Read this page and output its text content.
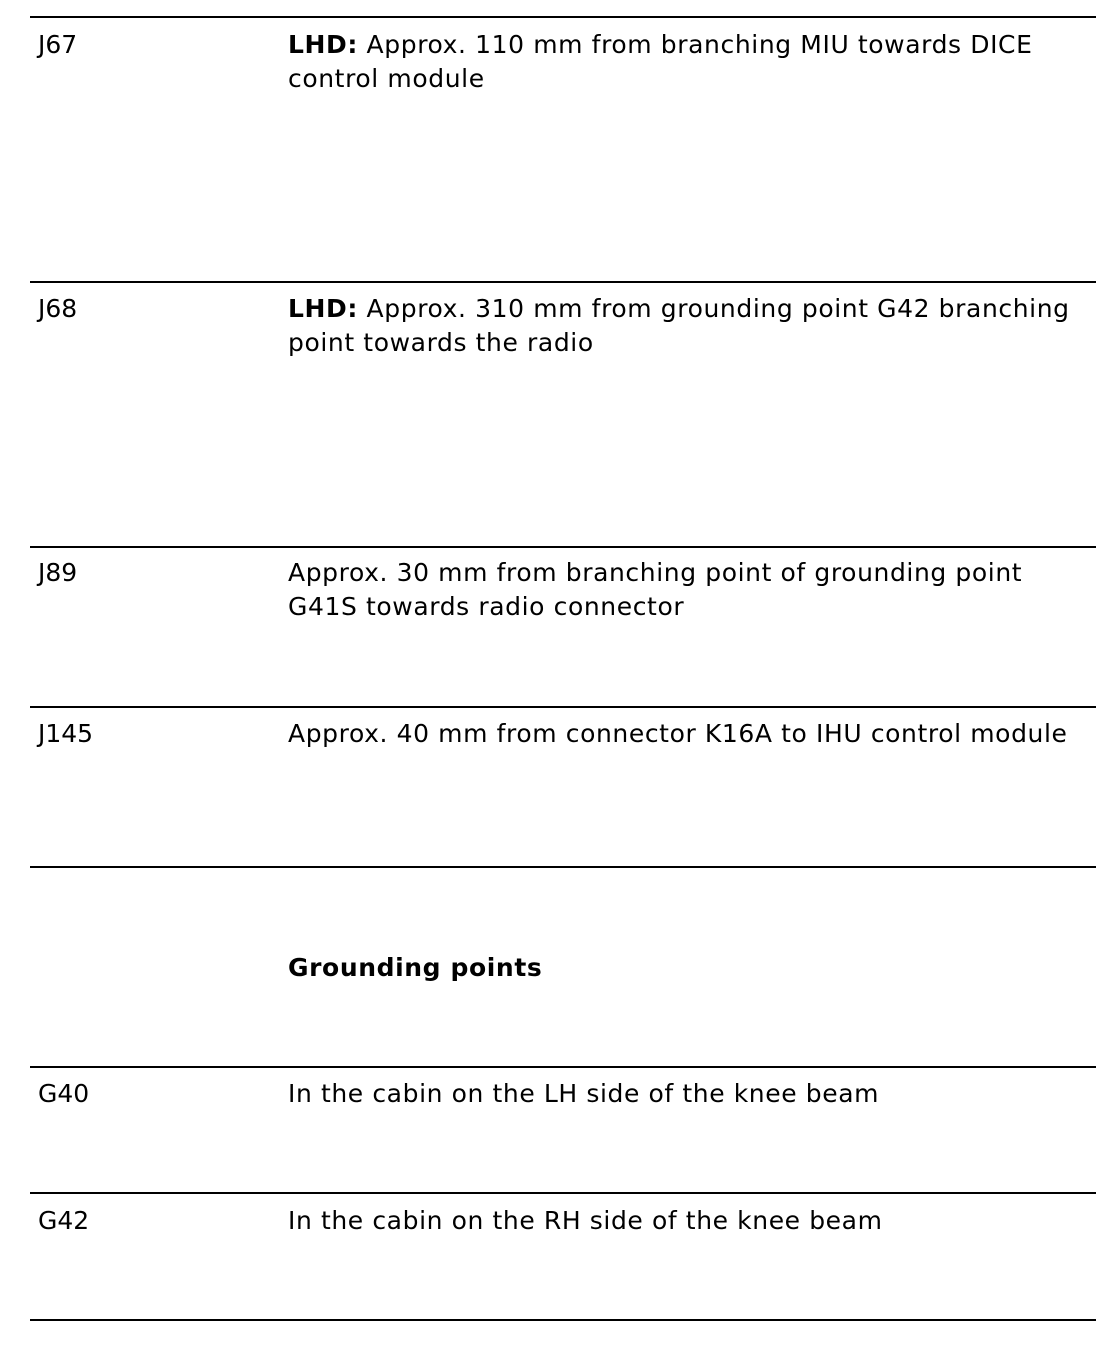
J67	LHD: Approx. 110 mm from branching MIU towards DICE control module
J68	LHD: Approx. 310 mm from grounding point G42 branching point towards the radio
J89	Approx. 30 mm from branching point of grounding point G41S towards radio connector
J145	Approx. 40 mm from connector K16A to IHU control module
Grounding points
G40	In the cabin on the LH side of the knee beam
G42	In the cabin on the RH side of the knee beam
